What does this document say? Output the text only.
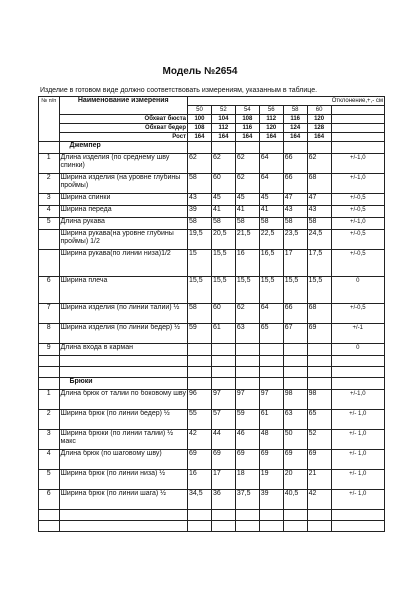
Модель №2654
Изделие в готовом виде должно соответствовать измерениям, указанным в таблице.
№ п/п	Наименование измерения	Отклонение,+,- см						
		50	52	54	56	58	60	
	Обхват бюста	100	104	108	112	116	120	
	Обхват бедер	108	112	116	120	124	128	
	Рост	164	164	164	164	164	164	
	Джемпер							
1	Длина изделия (по среднему шву спинки)	62	62	62	64	66	62	+/-1,0
2	Ширина изделия (на уровне глубины проймы)	58	60	62	64	66	68	+/-1,0
3	Ширина спинки	43	45	45	45	47	47	+/-0,5
4	Ширина переда	39	41	41	41	43	43	+/-0,5
5	Длина рукава	58	58	58	58	58	58	+/-1,0
	Ширина рукава(на уровне глубины проймы) 1/2	19,5	20,5	21,5	22,5	23,5	24,5	+/-0,5
	Ширина рукава(по линии низа)1/2	15	15,5	16	16,5	17	17,5	+/-0,5
6	Ширина плеча	15,5	15,5	15,5	15,5	15,5	15,5	0
7	Ширина изделия (по линии талии) ½	58	60	62	64	66	68	+/-0,5
8	Ширина изделия (по линии бедер) ½	59	61	63	65	67	69	+/-1
9	Длина входа в карман							0

	Брюки							
1	Длина брюк от талии по боковому шву	96	97	97	97	98	98	+/-1,0
2	Ширина брюк (по линии бедер) ½	55	57	59	61	63	65	+/- 1,0
3	Ширина брюки (по линии талии) ½ макс	42	44	46	48	50	52	+/- 1,0
4	Длина брюк (по шаговому шву)	69	69	69	69	69	69	+/- 1,0
5	Ширина брюк (по линии низа) ½	16	17	18	19	20	21	+/- 1,0
6	Ширина брюк (по линии шага) ½	34,5	36	37,5	39	40,5	42	+/- 1,0
